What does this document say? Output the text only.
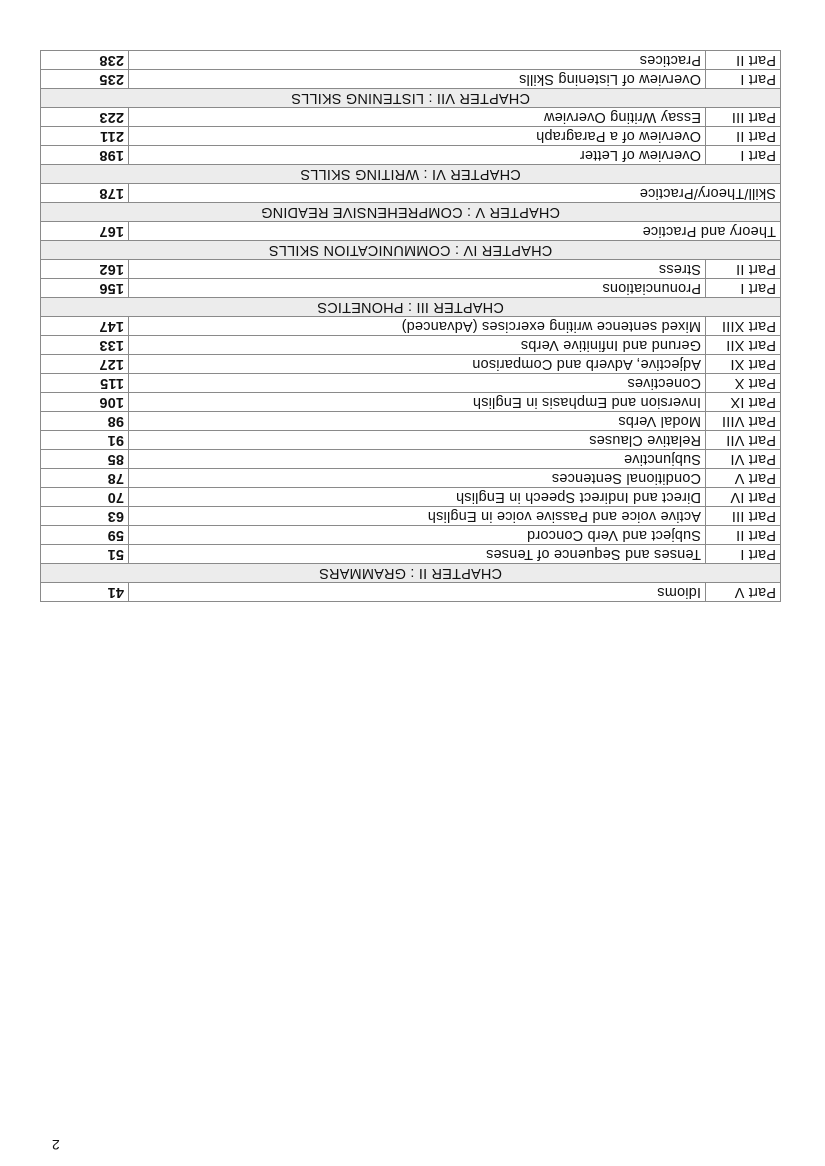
2
Part V	Idioms	41
CHAPTER II : GRAMMARS		
Part I	Tenses and Sequence of Tenses	51
Part II	Subject and Verb Concord	59
Part III	Active voice and Passive voice in English	63
Part IV	Direct and Indirect Speech in English	70
Part V	Conditional Sentences	78
Part VI	Subjunctive	85
Part VII	Relative Clauses	91
Part VIII	Modal Verbs	98
Part IX	Inversion and Emphasis in English	106
Part X	Conectives	115
Part XI	Adjective, Adverb and Comparison	127
Part XII	Gerund and Infinitive Verbs	133
Part XIII	Mixed sentence writing exercises (Advanced)	147
CHAPTER III : PHONETICS		
Part I	Pronunciations	156
Part II	Stress	162
CHAPTER IV : COMMUNICATION SKILLS		
Theory and Practice		167
CHAPTER V : COMPREHENSIVE READING		
Skill/Theory/Practice		178
CHAPTER VI : WRITING SKILLS		
Part I	Overview of Letter	198
Part II	Overview of a Paragraph	211
Part III	Essay Writing Overview	223
CHAPTER VII : LISTENING SKILLS		
Part I	Overview of Listening Skills	235
Part II	Practices	238
